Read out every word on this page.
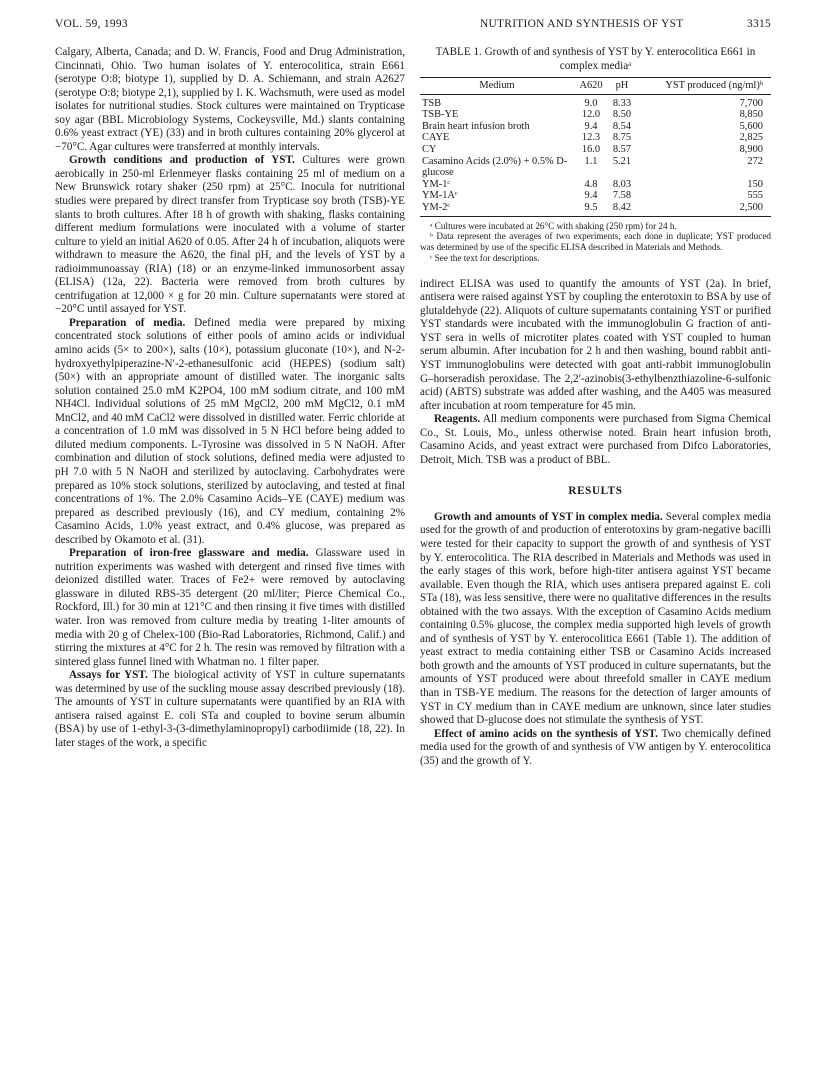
VOL. 59, 1993	NUTRITION AND SYNTHESIS OF YST	3315

Calgary, Alberta, Canada; and D. W. Francis, Food and Drug Administration, Cincinnati, Ohio. Two human isolates of Y. enterocolitica, strain E661 (serotype O:8; biotype 1), supplied by D. A. Schiemann, and strain A2627 (serotype O:8; biotype 2,1), supplied by I. K. Wachsmuth, were used as model isolates for nutritional studies. Stock cultures were maintained on Trypticase soy agar (BBL Microbiology Systems, Cockeysville, Md.) slants containing 0.6% yeast extract (YE) (33) and in broth cultures containing 20% glycerol at −70°C. Agar cultures were transferred at monthly intervals.

Growth conditions and production of YST. Cultures were grown aerobically in 250-ml Erlenmeyer flasks containing 25 ml of medium on a New Brunswick rotary shaker (250 rpm) at 25°C. Inocula for nutritional studies were prepared by direct transfer from Trypticase soy broth (TSB)-YE slants to broth cultures. After 18 h of growth with shaking, flasks containing different medium formulations were inoculated with a volume of starter culture to yield an initial A620 of 0.05. After 24 h of incubation, aliquots were withdrawn to measure the A620, the final pH, and the levels of YST by a radioimmunoassay (RIA) (18) or an enzyme-linked immunosorbent assay (ELISA) (12a, 22). Bacteria were removed from broth cultures by centrifugation at 12,000 × g for 20 min. Culture supernatants were stored at −20°C until assayed for YST.

Preparation of media. Defined media were prepared by mixing concentrated stock solutions of either pools of amino acids or individual amino acids (5× to 200×), salts (10×), potassium gluconate (10×), and N-2-hydroxyethylpiperazine-N′-2-ethanesulfonic acid (HEPES) (sodium salt) (50×) with an appropriate amount of distilled water. The inorganic salts solution contained 25.0 mM K2PO4, 100 mM sodium citrate, and 100 mM NH4Cl. Individual solutions of 25 mM MgCl2, 200 mM MgCl2, 0.1 mM MnCl2, and 40 mM CaCl2 were dissolved in distilled water. Ferric chloride at a concentration of 1.0 mM was dissolved in 5 N HCl before being added to diluted medium components. L-Tyrosine was dissolved in 5 N NaOH. After combination and dilution of stock solutions, defined media were adjusted to pH 7.0 with 5 N NaOH and sterilized by autoclaving. Carbohydrates were prepared as 10% stock solutions, sterilized by autoclaving, and tested at final concentrations of 1%. The 2.0% Casamino Acids–YE (CAYE) medium was prepared as described previously (16), and CY medium, containing 2% Casamino Acids, 1.0% yeast extract, and 0.4% glucose, was prepared as described by Okamoto et al. (31).

Preparation of iron-free glassware and media. Glassware used in nutrition experiments was washed with detergent and rinsed five times with deionized distilled water. Traces of Fe2+ were removed by autoclaving glassware in diluted RBS-35 detergent (20 ml/liter; Pierce Chemical Co., Rockford, Ill.) for 30 min at 121°C and then rinsing it five times with distilled water. Iron was removed from culture media by treating 1-liter amounts of media with 20 g of Chelex-100 (Bio-Rad Laboratories, Richmond, Calif.) and stirring the mixtures at 4°C for 2 h. The resin was removed by filtration with a sintered glass funnel lined with Whatman no. 1 filter paper.

Assays for YST. The biological activity of YST in culture supernatants was determined by use of the suckling mouse assay described previously (18). The amounts of YST in culture supernatants were quantified by an RIA with antisera raised against E. coli STa and coupled to bovine serum albumin (BSA) by use of 1-ethyl-3-(3-dimethylaminopropyl) carbodiimide (18, 22). In later stages of the work, a specific

TABLE 1. Growth of and synthesis of YST by Y. enterocolitica E661 in complex mediaᵃ

Medium	A620	pH	YST produced (ng/ml)ᵇ
TSB	9.0	8.33	7,700
TSB-YE	12.0	8.50	8,850
Brain heart infusion broth	9.4	8.54	5,600
CAYE	12.3	8.75	2,825
CY	16.0	8.57	8,900
Casamino Acids (2.0%) + 0.5% D-glucose	1.1	5.21	272
YM-1ᶜ	4.8	8.03	150
YM-1Aᶜ	9.4	7.58	555
YM-2ᶜ	9.5	8.42	2,500

ᵃ Cultures were incubated at 26°C with shaking (250 rpm) for 24 h.

ᵇ Data represent the averages of two experiments, each done in duplicate; YST produced was determined by use of the specific ELISA described in Materials and Methods.

ᶜ See the text for descriptions.

indirect ELISA was used to quantify the amounts of YST (2a). In brief, antisera were raised against YST by coupling the enterotoxin to BSA by use of glutaldehyde (22). Aliquots of culture supernatants containing YST or purified YST standards were incubated with the immunoglobulin G fraction of anti-YST sera in wells of microtiter plates coated with YST coupled to human serum albumin. After incubation for 2 h and then washing, bound rabbit anti-YST immunoglobulins were detected with goat anti-rabbit immunoglobulin G–horseradish peroxidase. The 2,2′-azinobis(3-ethylbenzthiazoline-6-sulfonic acid) (ABTS) substrate was added after washing, and the A405 was measured after incubation at room temperature for 45 min.

Reagents. All medium components were purchased from Sigma Chemical Co., St. Louis, Mo., unless otherwise noted. Brain heart infusion broth, Casamino Acids, and yeast extract were purchased from Difco Laboratories, Detroit, Mich. TSB was a product of BBL.

RESULTS

Growth and amounts of YST in complex media. Several complex media used for the growth of and production of enterotoxins by gram-negative bacilli were tested for their capacity to support the growth of and synthesis of YST by Y. enterocolitica. The RIA described in Materials and Methods was used in the early stages of this work, before high-titer antisera against YST became available. Even though the RIA, which uses antisera prepared against E. coli STa (18), was less sensitive, there were no qualitative differences in the results obtained with the two assays. With the exception of Casamino Acids medium containing 0.5% glucose, the complex media supported high levels of growth and of synthesis of YST by Y. enterocolitica E661 (Table 1). The addition of yeast extract to media containing either TSB or Casamino Acids increased both growth and the amounts of YST produced in culture supernatants, but the amounts of YST produced were about threefold smaller in CAYE medium than in TSB-YE medium. The reasons for the detection of larger amounts of YST in CY medium than in CAYE medium are unknown, since later studies showed that D-glucose does not stimulate the synthesis of YST.

Effect of amino acids on the synthesis of YST. Two chemically defined media used for the growth of and synthesis of VW antigen by Y. enterocolitica (35) and the growth of Y.
